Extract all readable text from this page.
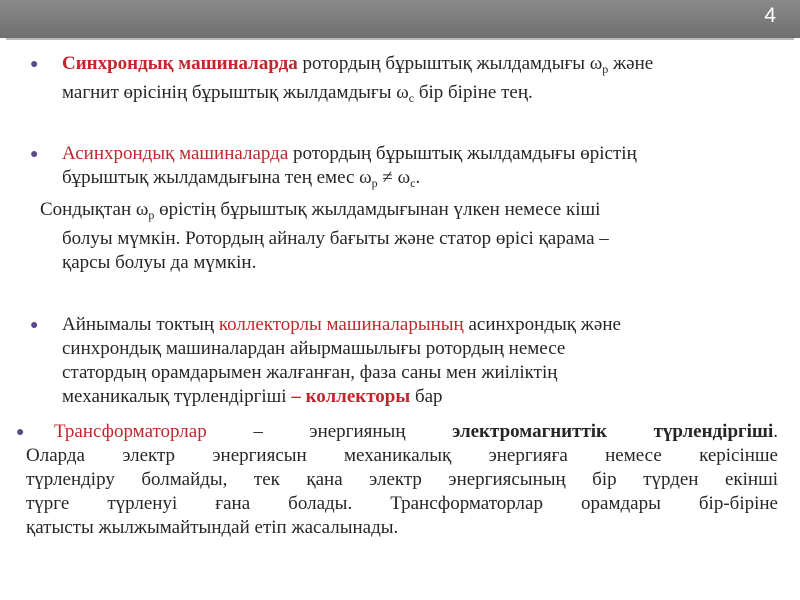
4
● Синхрондық машиналарда ротордың бұрыштық жылдамдығы $\omega_р$ және
магнит өрісінің бұрыштық жылдамдығы $\omega_с$ бір біріне тең.
● Асинхрондық машиналарда ротордың бұрыштық жылдамдығы өрістің
бұрыштық жылдамдығына тең емес $\omega_р \ne \omega_с$.
Сондықтан $\omega_р$ өрістің бұрыштық жылдамдығынан үлкен немесе кіші
болуы мүмкін. Ротордың айналу бағыты және статор өрісі қарама –
қарсы болуы да мүмкін.
● Айнымалы токтың коллекторлы машиналарының асинхрондық және
синхрондық машиналардан айырмашылығы ротордың немесе
статордың орамдарымен жалғанған, фаза саны мен жиіліктің
механикалық түрлендіргіші – коллекторы бар
●	Трансформаторлар – энергияның электромагниттік түрлендіргіші.
Оларда электр энергиясын механикалық энергияға немесе керісінше
түрлендіру болмайды, тек қана электр энергиясының бір түрден екінші
түрге түрленуі ғана болады. Трансформаторлар орамдары бір-біріне
қатысты жылжымайтындай етіп жасалынады.
